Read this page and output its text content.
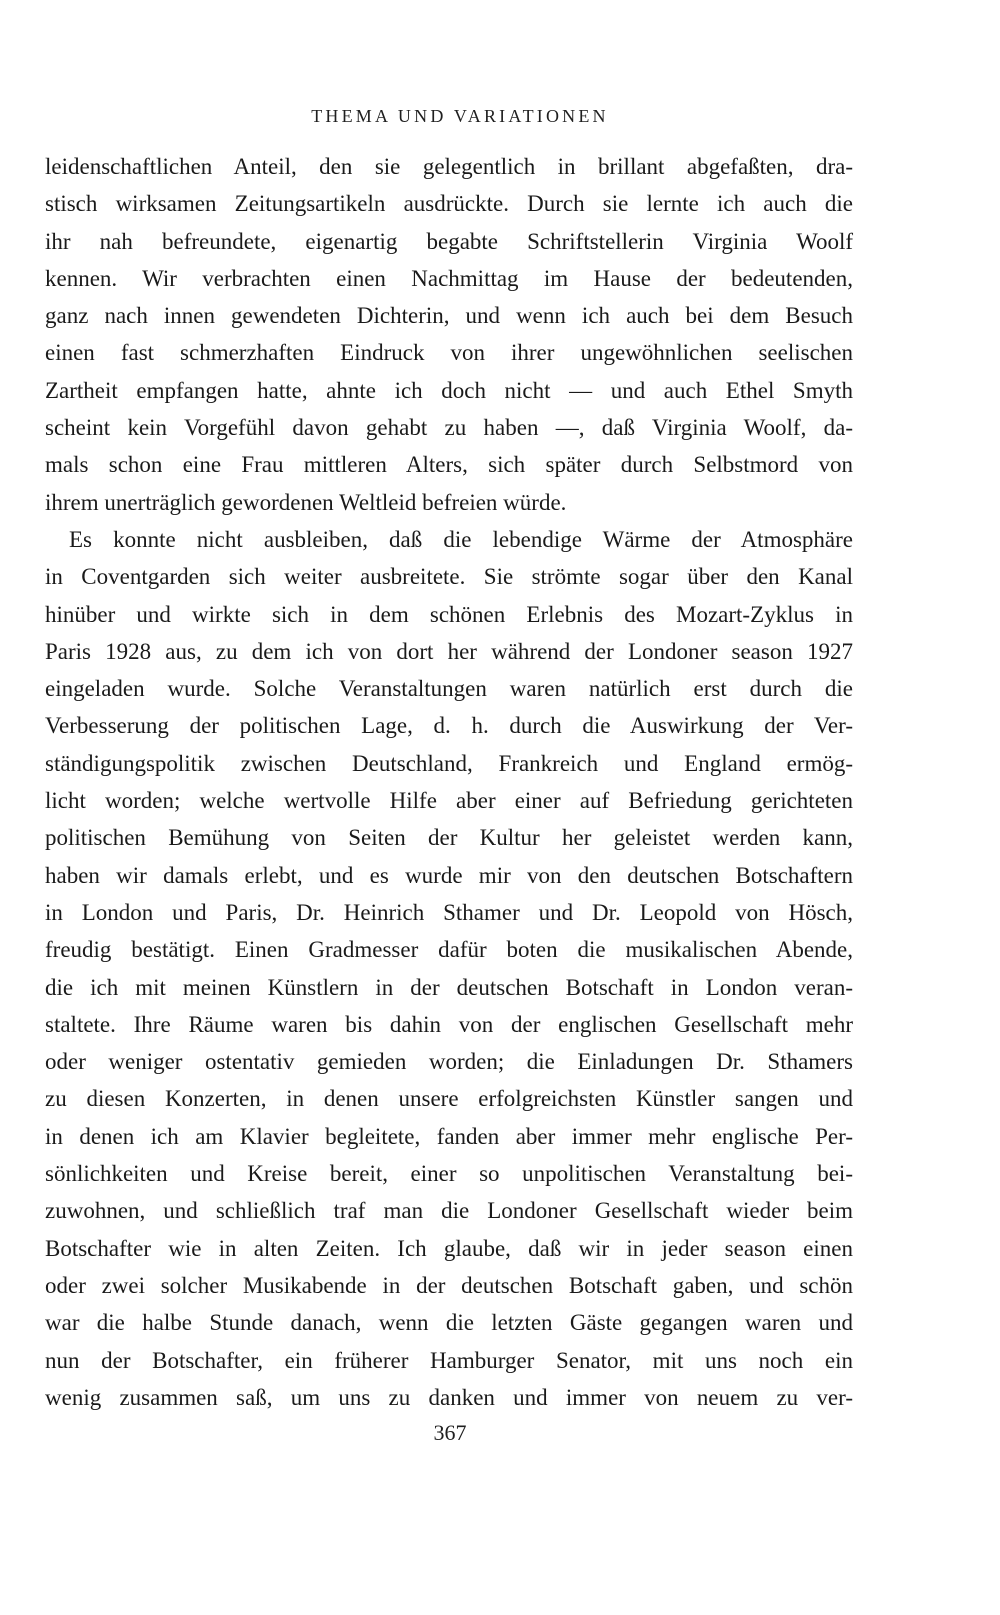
THEMA UND VARIATIONEN
leidenschaftlichen Anteil, den sie gelegentlich in brillant abgefaßten, dra-
stisch wirksamen Zeitungsartikeln ausdrückte. Durch sie lernte ich auch die
ihr nah befreundete, eigenartig begabte Schriftstellerin Virginia Woolf
kennen. Wir verbrachten einen Nachmittag im Hause der bedeutenden,
ganz nach innen gewendeten Dichterin, und wenn ich auch bei dem Besuch
einen fast schmerzhaften Eindruck von ihrer ungewöhnlichen seelischen
Zartheit empfangen hatte, ahnte ich doch nicht — und auch Ethel Smyth
scheint kein Vorgefühl davon gehabt zu haben —, daß Virginia Woolf, da-
mals schon eine Frau mittleren Alters, sich später durch Selbstmord von
ihrem unerträglich gewordenen Weltleid befreien würde.
Es konnte nicht ausbleiben, daß die lebendige Wärme der Atmosphäre
in Coventgarden sich weiter ausbreitete. Sie strömte sogar über den Kanal
hinüber und wirkte sich in dem schönen Erlebnis des Mozart-Zyklus in
Paris 1928 aus, zu dem ich von dort her während der Londoner season 1927
eingeladen wurde. Solche Veranstaltungen waren natürlich erst durch die
Verbesserung der politischen Lage, d. h. durch die Auswirkung der Ver-
ständigungspolitik zwischen Deutschland, Frankreich und England ermög-
licht worden; welche wertvolle Hilfe aber einer auf Befriedung gerichteten
politischen Bemühung von Seiten der Kultur her geleistet werden kann,
haben wir damals erlebt, und es wurde mir von den deutschen Botschaftern
in London und Paris, Dr. Heinrich Sthamer und Dr. Leopold von Hösch,
freudig bestätigt. Einen Gradmesser dafür boten die musikalischen Abende,
die ich mit meinen Künstlern in der deutschen Botschaft in London veran-
staltete. Ihre Räume waren bis dahin von der englischen Gesellschaft mehr
oder weniger ostentativ gemieden worden; die Einladungen Dr. Sthamers
zu diesen Konzerten, in denen unsere erfolgreichsten Künstler sangen und
in denen ich am Klavier begleitete, fanden aber immer mehr englische Per-
sönlichkeiten und Kreise bereit, einer so unpolitischen Veranstaltung bei-
zuwohnen, und schließlich traf man die Londoner Gesellschaft wieder beim
Botschafter wie in alten Zeiten. Ich glaube, daß wir in jeder season einen
oder zwei solcher Musikabende in der deutschen Botschaft gaben, und schön
war die halbe Stunde danach, wenn die letzten Gäste gegangen waren und
nun der Botschafter, ein früherer Hamburger Senator, mit uns noch ein
wenig zusammen saß, um uns zu danken und immer von neuem zu ver-
367
